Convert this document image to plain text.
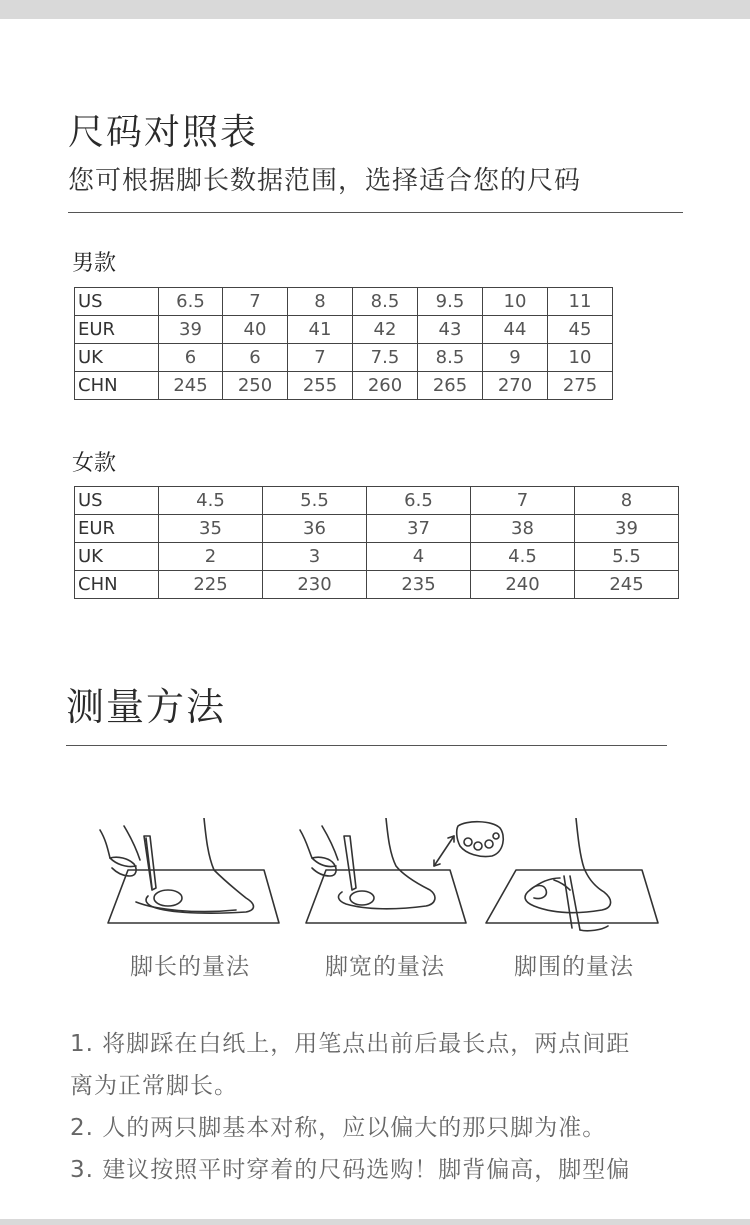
尺码对照表
您可根据脚长数据范围，选择适合您的尺码
男款
US	6.5	7	8	8.5	9.5	10	11
EUR	39	40	41	42	43	44	45
UK	6	6	7	7.5	8.5	9	10
CHN	245	250	255	260	265	270	275
女款
US	4.5	5.5	6.5	7	8
EUR	35	36	37	38	39
UK	2	3	4	4.5	5.5
CHN	225	230	235	240	245
测量方法
脚长的量法	脚宽的量法	脚围的量法
1. 将脚踩在白纸上，用笔点出前后最长点，两点间距
离为正常脚长。
2. 人的两只脚基本对称，应以偏大的那只脚为准。
3. 建议按照平时穿着的尺码选购！脚背偏高，脚型偏
